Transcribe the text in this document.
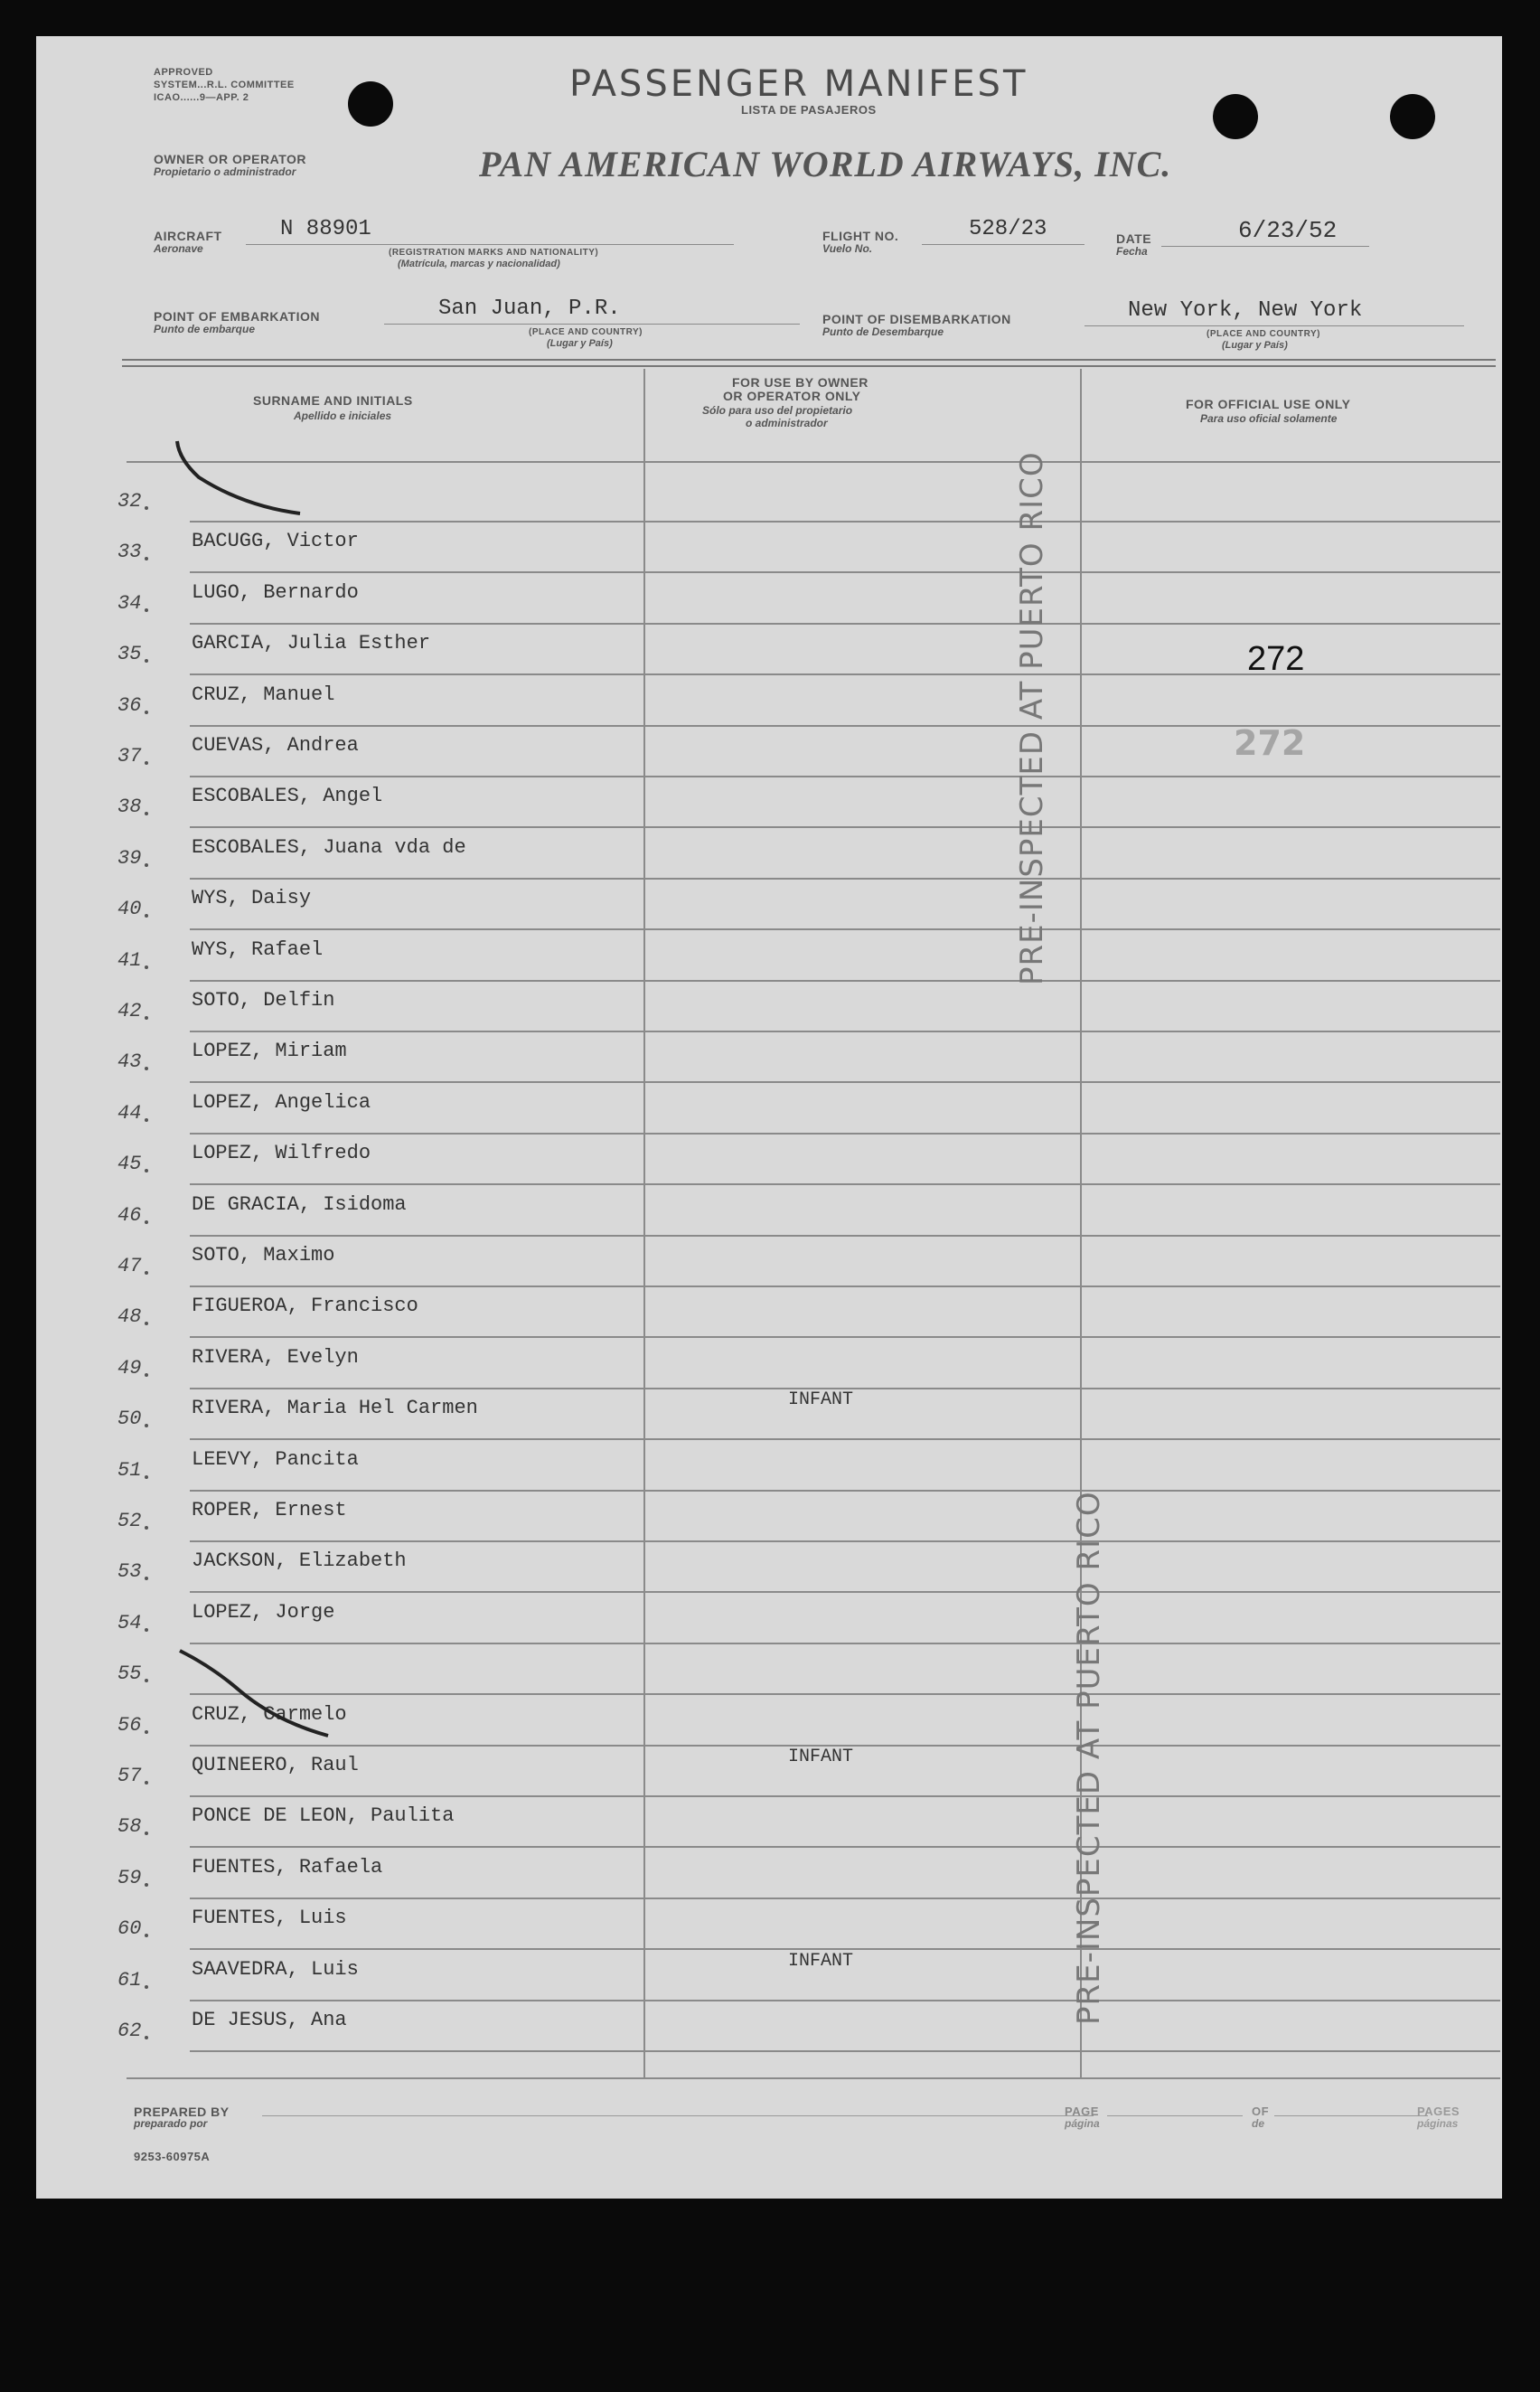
APPROVED
SYSTEM...R.L. COMMITTEE
ICAO......9—APP. 2	PASSENGER MANIFEST
LISTA DE PASAJEROS
OWNER OR OPERATOR
Propietario o administrador	PAN AMERICAN WORLD AIRWAYS, INC.
AIRCRAFT
Aeronave
N 88901
(REGISTRATION MARKS AND NATIONALITY)
(Matrícula, marcas y nacionalidad)
FLIGHT NO.
Vuelo No.
528/23	DATE
Fecha
6/23/52
POINT OF EMBARKATION
Punto de embarque
San Juan, P.R.
(PLACE AND COUNTRY)
(Lugar y País)
POINT OF DISEMBARKATION
Punto de Desembarque
New York, New York
(PLACE AND COUNTRY)
(Lugar y País)
SURNAME AND INITIALS
Apellido e iniciales
FOR USE BY OWNER
OR OPERATOR ONLY
Sólo para uso del propietario
o administrador
FOR OFFICIAL USE ONLY
Para uso oficial solamente
32
33	BACUGG, Victor
34	LUGO, Bernardo
35	GARCIA, Julia Esther
36	CRUZ, Manuel
37	CUEVAS, Andrea
38	ESCOBALES, Angel
39	ESCOBALES, Juana vda de
40	WYS, Daisy
41	WYS, Rafael
42	SOTO, Delfin
43	LOPEZ, Miriam
44	LOPEZ, Angelica
45	LOPEZ, Wilfredo
46	DE GRACIA, Isidoma
47	SOTO, Maximo
48	FIGUEROA, Francisco
49	RIVERA, Evelyn
50	RIVERA, Maria Hel Carmen	INFANT
51	LEEVY, Pancita
52	ROPER, Ernest
53	JACKSON, Elizabeth
54	LOPEZ, Jorge
55
56	CRUZ, Carmelo
57	QUINEERO, Raul	INFANT
58	PONCE DE LEON, Paulita
59	FUENTES, Rafaela
60	FUENTES, Luis
61	SAAVEDRA, Luis	INFANT
62	DE JESUS, Ana
272
272
PRE-INSPECTED AT PUERTO RICO
PRE-INSPECTED AT PUERTO RICO
PREPARED BY
preparado por
PAGE
página
OF
de
PAGES
páginas
9253-60975A
